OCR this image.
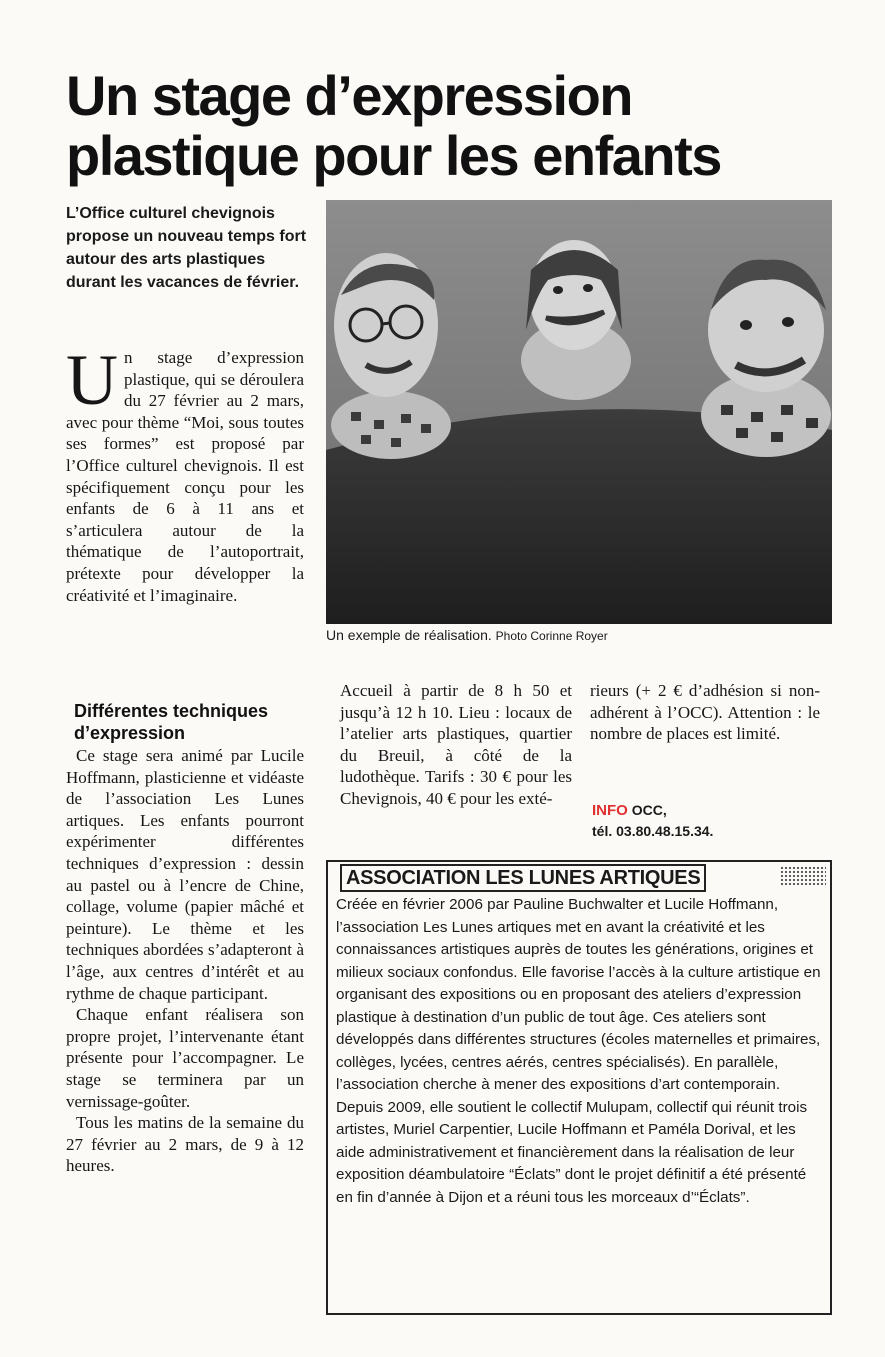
Un stage d’expression
plastique pour les enfants
L’Office culturel chevignois propose un nouveau temps fort autour des arts plastiques durant les vacances de février.
Un stage d’expression plastique, qui se déroulera du 27 février au 2 mars, avec pour thème “Moi, sous toutes ses formes” est proposé par l’Office culturel chevignois. Il est spécifiquement conçu pour les enfants de 6 à 11 ans et s’articulera autour de la thématique de l’autoportrait, prétexte pour développer la créativité et l’imaginaire.
Différentes techniques d’expression

Ce stage sera animé par Lucile Hoffmann, plasticienne et vidéaste de l’association Les Lunes artiques. Les enfants pourront expérimenter différentes techniques d’expression : dessin au pastel ou à l’encre de Chine, collage, volume (papier mâché et peinture). Le thème et les techniques abordées s’adapteront à l’âge, aux centres d’intérêt et au rythme de chaque participant.

Chaque enfant réalisera son propre projet, l’intervenante étant présente pour l’accompagner. Le stage se terminera par un vernissage-goûter.

Tous les matins de la semaine du 27 février au 2 mars, de 9 à 12 heures.

Un exemple de réalisation. Photo Corinne Royer
Accueil à partir de 8 h 50 et jusqu’à 12 h 10. Lieu : locaux de l’atelier arts plastiques, quartier du Breuil, à côté de la ludothèque. Tarifs : 30 € pour les Chevignois, 40 € pour les exté-
rieurs (+ 2 € d’adhésion si non-adhérent à l’OCC). Attention : le nombre de places est limité.
INFO OCC,
tél. 03.80.48.15.34.
ASSOCIATION LES LUNES ARTIQUES
Créée en février 2006 par Pauline Buchwalter et Lucile Hoffmann, l’association Les Lunes artiques met en avant la créativité et les connaissances artistiques auprès de toutes les générations, origines et milieux sociaux confondus. Elle favorise l’accès à la culture artistique en organisant des expositions ou en proposant des ateliers d’expression plastique à destination d’un public de tout âge. Ces ateliers sont développés dans différentes structures (écoles maternelles et primaires, collèges, lycées, centres aérés, centres spécialisés). En parallèle, l’association cherche à mener des expositions d’art contemporain. Depuis 2009, elle soutient le collectif Mulupam, collectif qui réunit trois artistes, Muriel Carpentier, Lucile Hoffmann et Paméla Dorival, et les aide administrativement et financièrement dans la réalisation de leur exposition déambulatoire “Éclats” dont le projet définitif a été présenté en fin d’année à Dijon et a réuni tous les morceaux d’“Éclats”.
